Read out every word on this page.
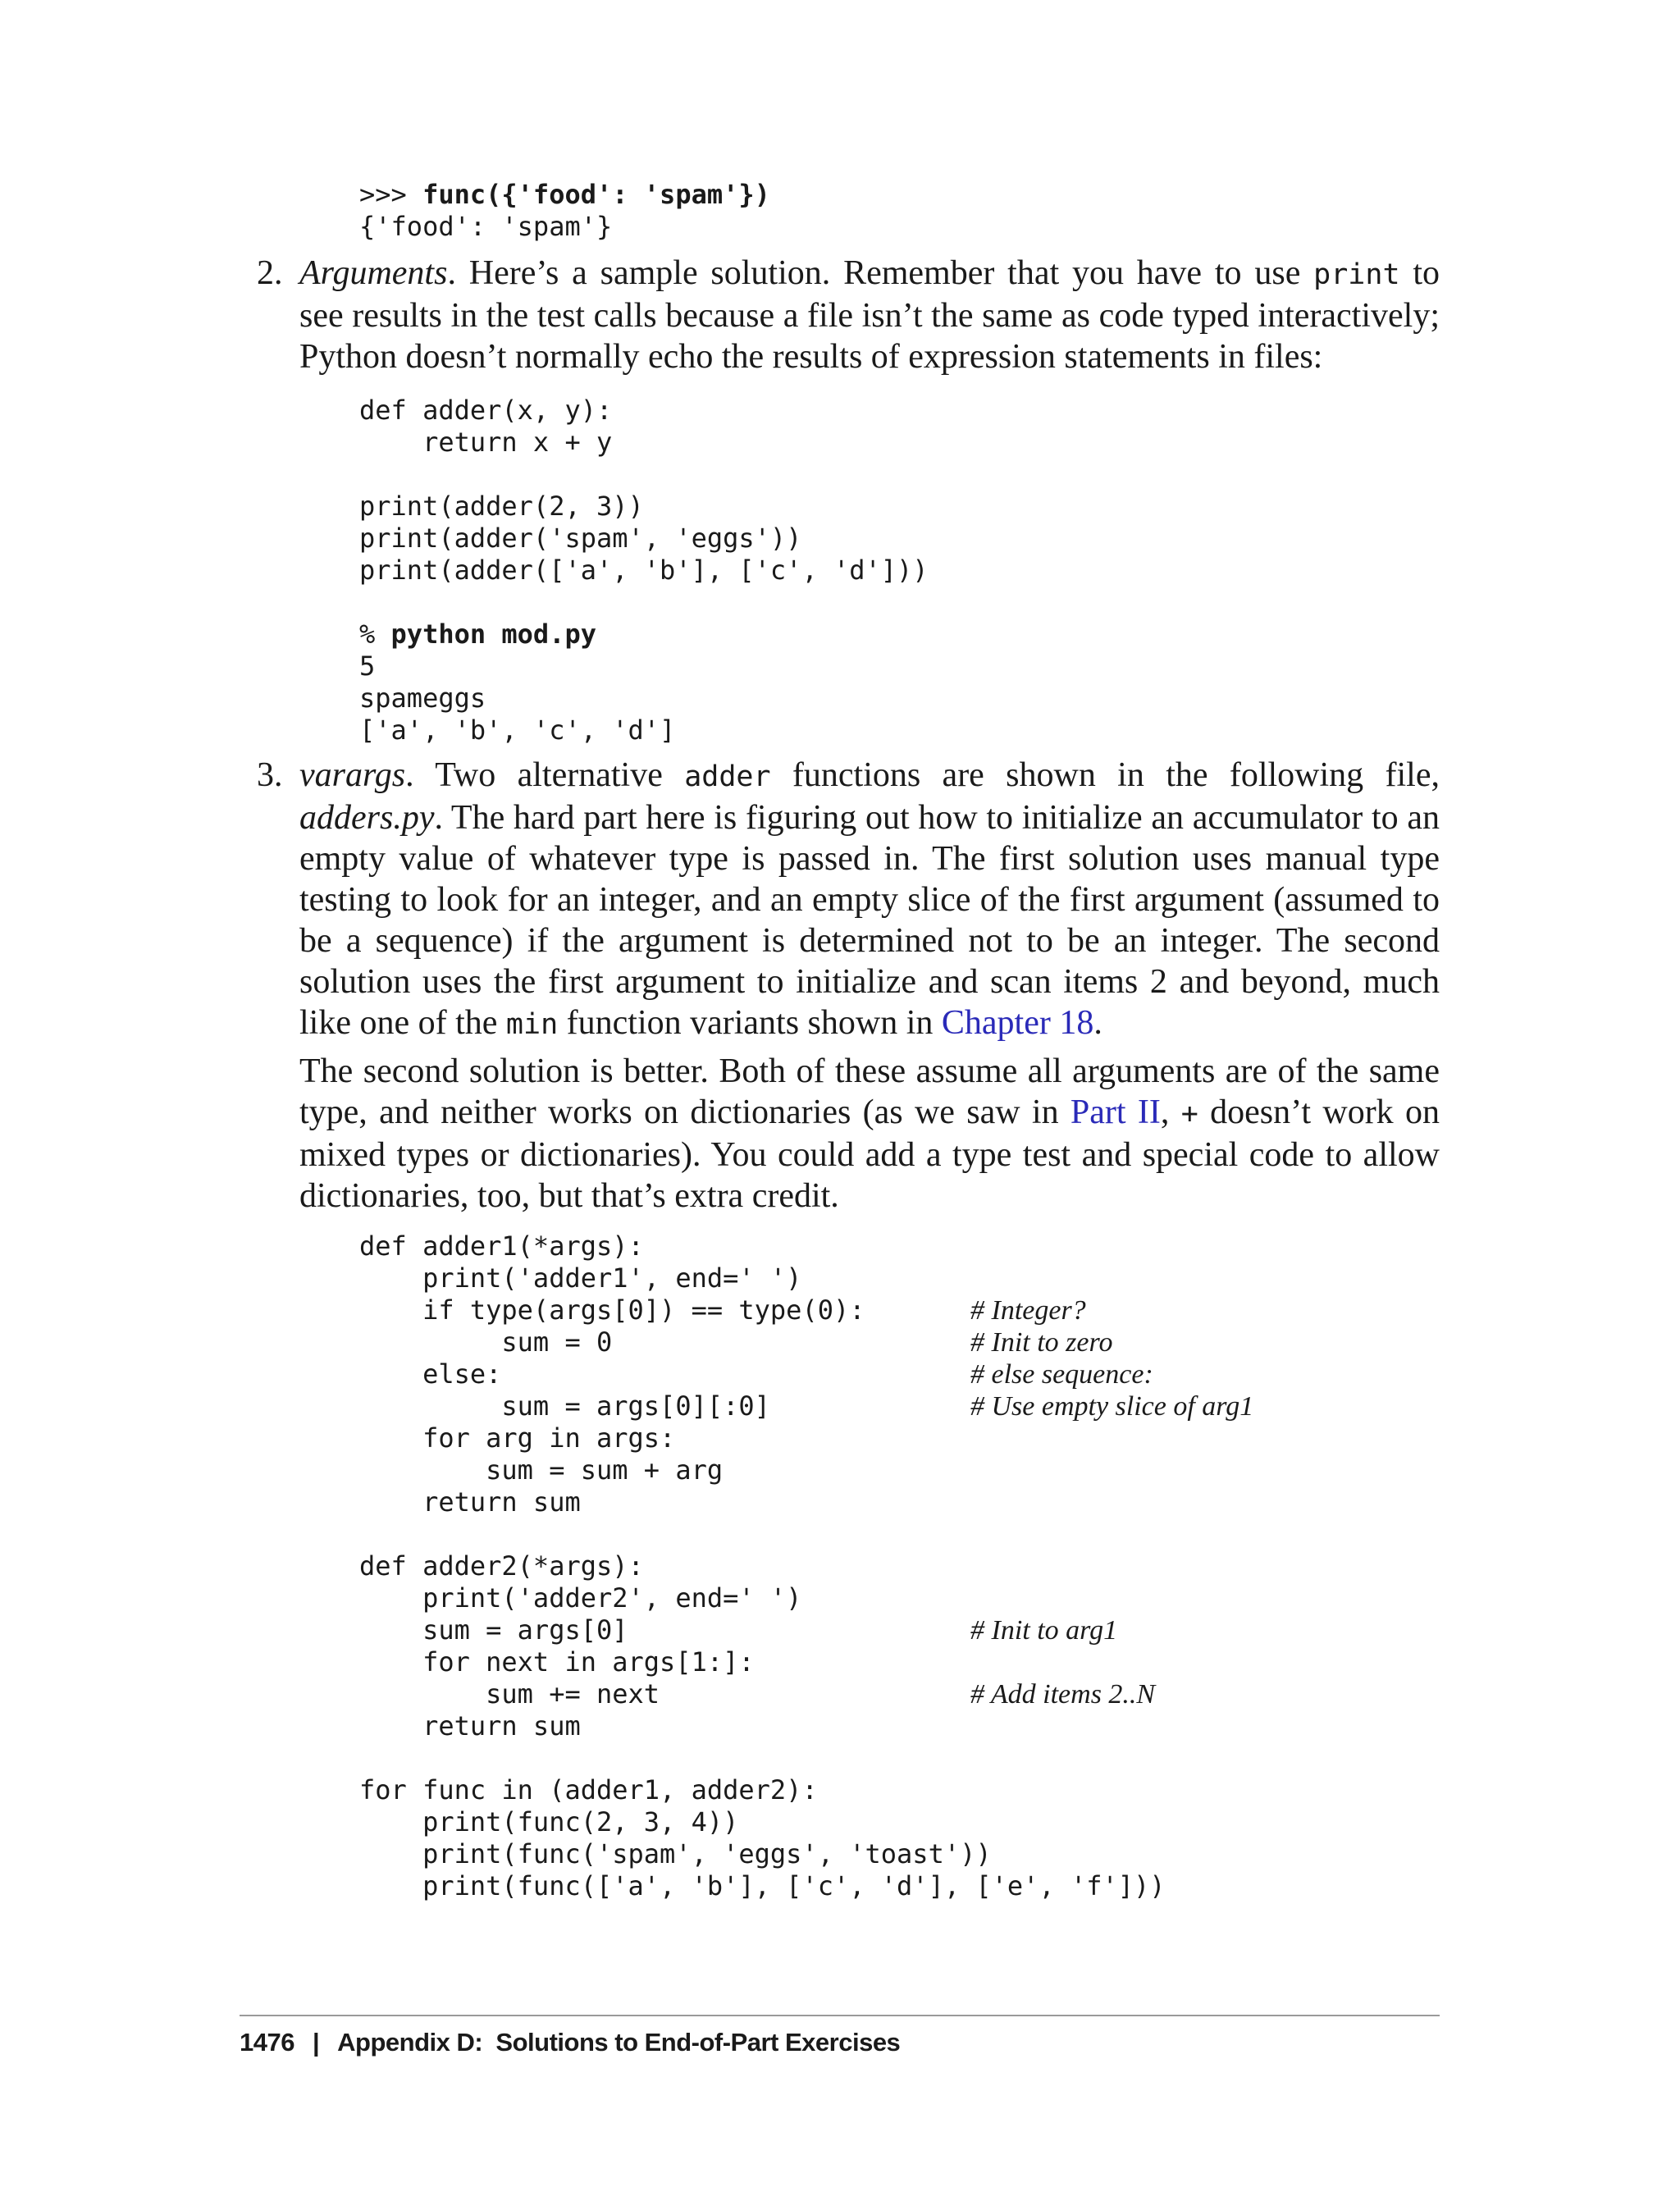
>>> func({'food': 'spam'})
{'food': 'spam'}
2. Arguments. Here’s a sample solution. Remember that you have to use print to see results in the test calls because a file isn’t the same as code typed interactively; Python doesn’t normally echo the results of expression statements in files:

def adder(x, y):
return x + y

print(adder(2, 3))
print(adder('spam', 'eggs'))
print(adder(['a', 'b'], ['c', 'd']))

% python mod.py
5
spameggs
['a', 'b', 'c', 'd']
3. varargs. Two alternative adder functions are shown in the following file, adders.py. The hard part here is figuring out how to initialize an accumulator to an empty value of whatever type is passed in. The first solution uses manual type testing to look for an integer, and an empty slice of the first argument (assumed to be a sequence) if the argument is determined not to be an integer. The second solution uses the first argument to initialize and scan items 2 and beyond, much like one of the min function variants shown in Chapter 18.

The second solution is better. Both of these assume all arguments are of the same type, and neither works on dictionaries (as we saw in Part II, + doesn’t work on mixed types or dictionaries). You could add a type test and special code to allow dictionaries, too, but that’s extra credit.

def adder1(*args):
print('adder1', end=' ')
if type(args[0]) == type(0):	# Integer?

sum = 0	# Init to zero

else:	# else sequence:

sum = args[0][:0]	# Use empty slice of arg1

for arg in args:
sum = sum + arg
return sum

def adder2(*args):
print('adder2', end=' ')
sum = args[0]	# Init to arg1

for next in args[1:]:
sum += next	# Add items 2..N

return sum

for func in (adder1, adder2):
print(func(2, 3, 4))
print(func('spam', 'eggs', 'toast'))
print(func(['a', 'b'], ['c', 'd'], ['e', 'f']))
1476 | Appendix D:  Solutions to End-of-Part Exercises
